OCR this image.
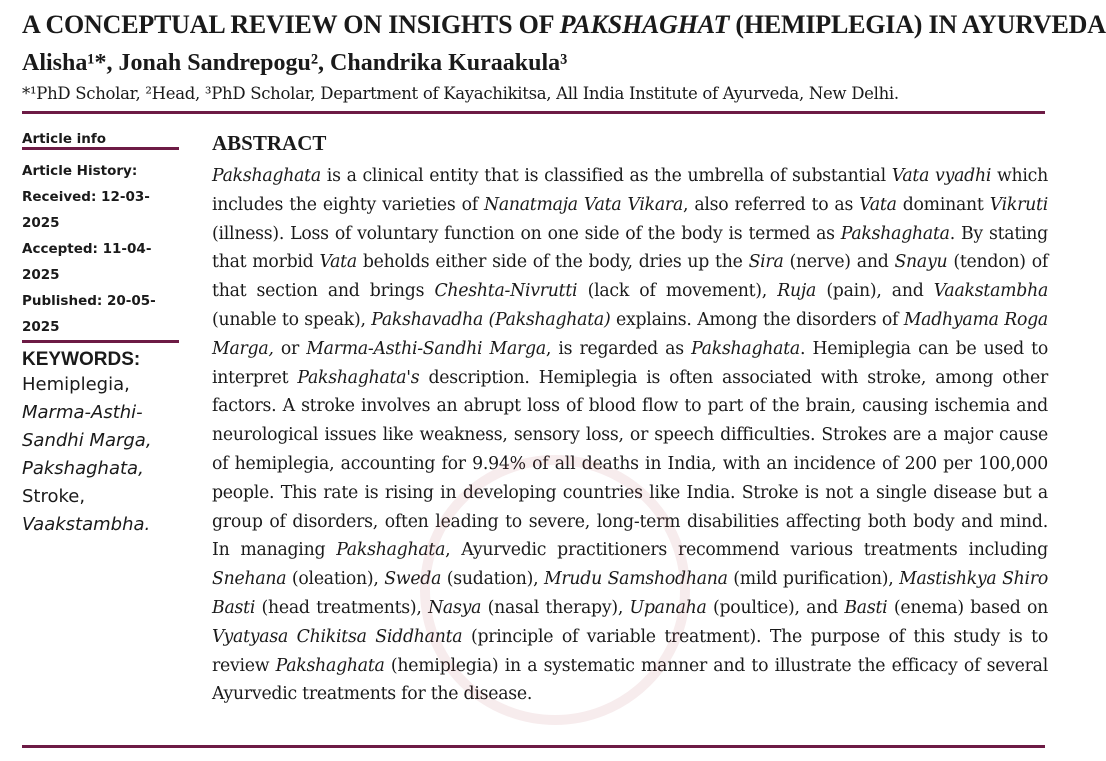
A CONCEPTUAL REVIEW ON INSIGHTS OF PAKSHAGHAT (HEMIPLEGIA) IN AYURVEDA
Alisha¹*, Jonah Sandrepogu², Chandrika Kuraakula³
*¹PhD Scholar, ²Head, ³PhD Scholar, Department of Kayachikitsa, All India Institute of Ayurveda, New Delhi.
Article info
Article History:
Received: 12-03-2025
Accepted: 11-04-2025
Published: 20-05-2025
KEYWORDS:
Hemiplegia,
Marma-Asthi-Sandhi Marga,
Pakshaghata,
Stroke,
Vaakstambha.
ABSTRACT
Pakshaghata is a clinical entity that is classified as the umbrella of substantial Vata vyadhi which includes the eighty varieties of Nanatmaja Vata Vikara, also referred to as Vata dominant Vikruti (illness). Loss of voluntary function on one side of the body is termed as Pakshaghata. By stating that morbid Vata beholds either side of the body, dries up the Sira (nerve) and Snayu (tendon) of that section and brings Cheshta-Nivrutti (lack of movement), Ruja (pain), and Vaakstambha (unable to speak), Pakshavadha (Pakshaghata) explains. Among the disorders of Madhyama Roga Marga, or Marma-Asthi-Sandhi Marga, is regarded as Pakshaghata. Hemiplegia can be used to interpret Pakshaghata's description. Hemiplegia is often associated with stroke, among other factors. A stroke involves an abrupt loss of blood flow to part of the brain, causing ischemia and neurological issues like weakness, sensory loss, or speech difficulties. Strokes are a major cause of hemiplegia, accounting for 9.94% of all deaths in India, with an incidence of 200 per 100,000 people. This rate is rising in developing countries like India. Stroke is not a single disease but a group of disorders, often leading to severe, long-term disabilities affecting both body and mind. In managing Pakshaghata, Ayurvedic practitioners recommend various treatments including Snehana (oleation), Sweda (sudation), Mrudu Samshodhana (mild purification), Mastishkya Shiro Basti (head treatments), Nasya (nasal therapy), Upanaha (poultice), and Basti (enema) based on Vyatyasa Chikitsa Siddhanta (principle of variable treatment). The purpose of this study is to review Pakshaghata (hemiplegia) in a systematic manner and to illustrate the efficacy of several Ayurvedic treatments for the disease.
